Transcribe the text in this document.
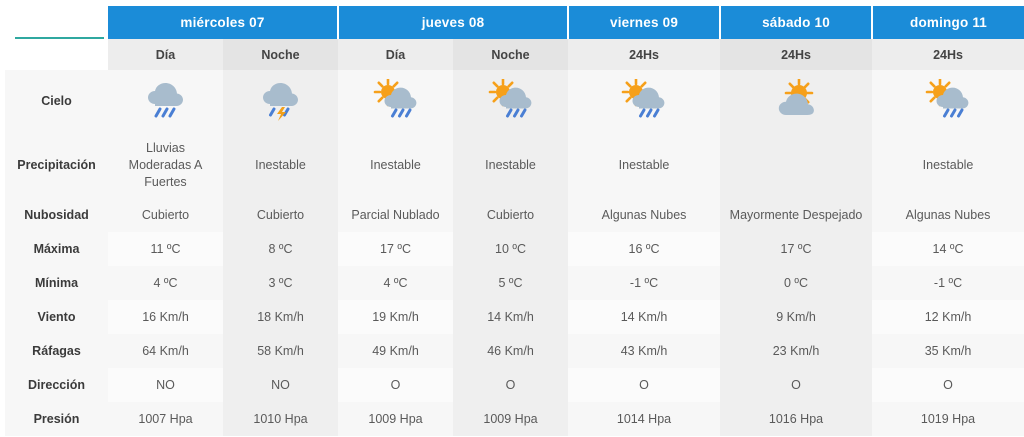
	miércoles 07		jueves 08		viernes 09	sábado 10	domingo 11
	Día	Noche	Día	Noche	24Hs	24Hs	24Hs
Cielo	

Precipitación	Lluvias Moderadas A Fuertes	Inestable	Inestable	Inestable	Inestable		Inestable

Nubosidad	Cubierto	Cubierto	Parcial Nublado	Cubierto	Algunas Nubes	Mayormente Despejado	Algunas Nubes
Máxima	11 ºC	8 ºC	17 ºC	10 ºC	16 ºC	17 ºC	14 ºC
Mínima	4 ºC	3 ºC	4 ºC	5 ºC	-1 ºC	0 ºC	-1 ºC
Viento	16 Km/h	18 Km/h	19 Km/h	14 Km/h	14 Km/h	9 Km/h	12 Km/h
Ráfagas	64 Km/h	58 Km/h	49 Km/h	46 Km/h	43 Km/h	23 Km/h	35 Km/h
Dirección	NO	NO	O	O	O	O	O
Presión	1007 Hpa	1010 Hpa	1009 Hpa	1009 Hpa	1014 Hpa	1016 Hpa	1019 Hpa
